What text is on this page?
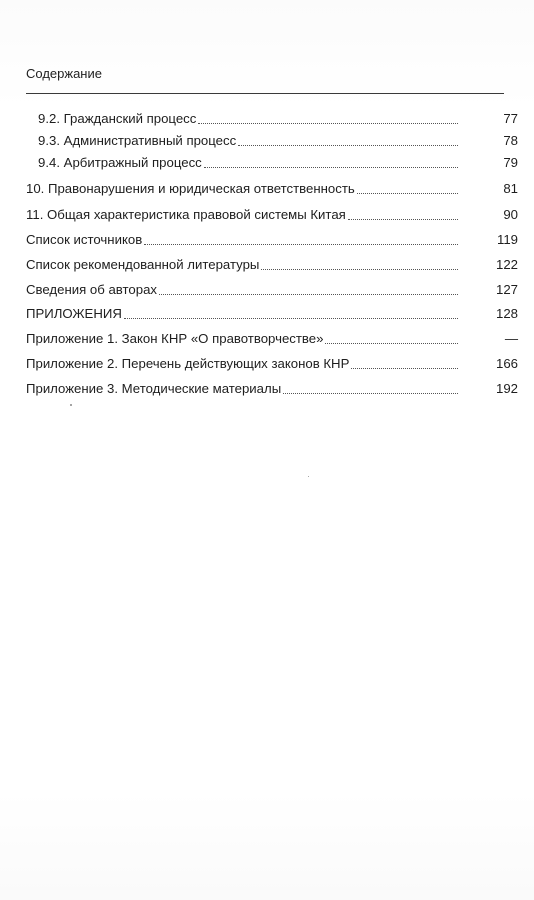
Содержание
9.2. Гражданский процесс	77
9.3. Административный процесс	78
9.4. Арбитражный процесс	79
10. Правонарушения и юридическая ответственность	81
11. Общая характеристика правовой системы Китая	90
Список источников	119
Список рекомендованной литературы	122
Сведения об авторах	127
ПРИЛОЖЕНИЯ	128
Приложение 1. Закон КНР «О правотворчестве»	—
Приложение 2. Перечень действующих законов КНР	166
Приложение 3. Методические материалы	192
